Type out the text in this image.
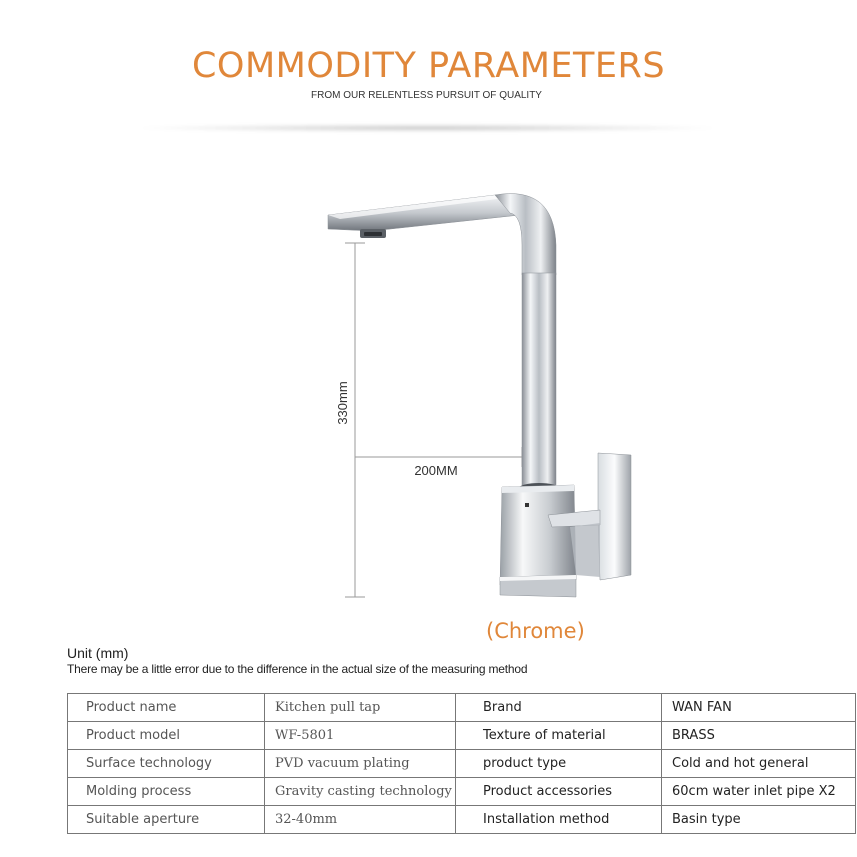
COMMODITY PARAMETERS
FROM OUR RELENTLESS PURSUIT OF QUALITY
330mm
200MM
(Chrome)
Unit (mm)
There may be a little error due to the difference in the actual size of the measuring method
Product name	Kitchen pull tap	Brand	WAN FAN
Product model	WF-5801	Texture of material	BRASS
Surface technology	PVD vacuum plating	product type	Cold and hot general
Molding process	Gravity casting technology	Product accessories	60cm water inlet pipe X2
Suitable aperture	32-40mm	Installation method	Basin type
